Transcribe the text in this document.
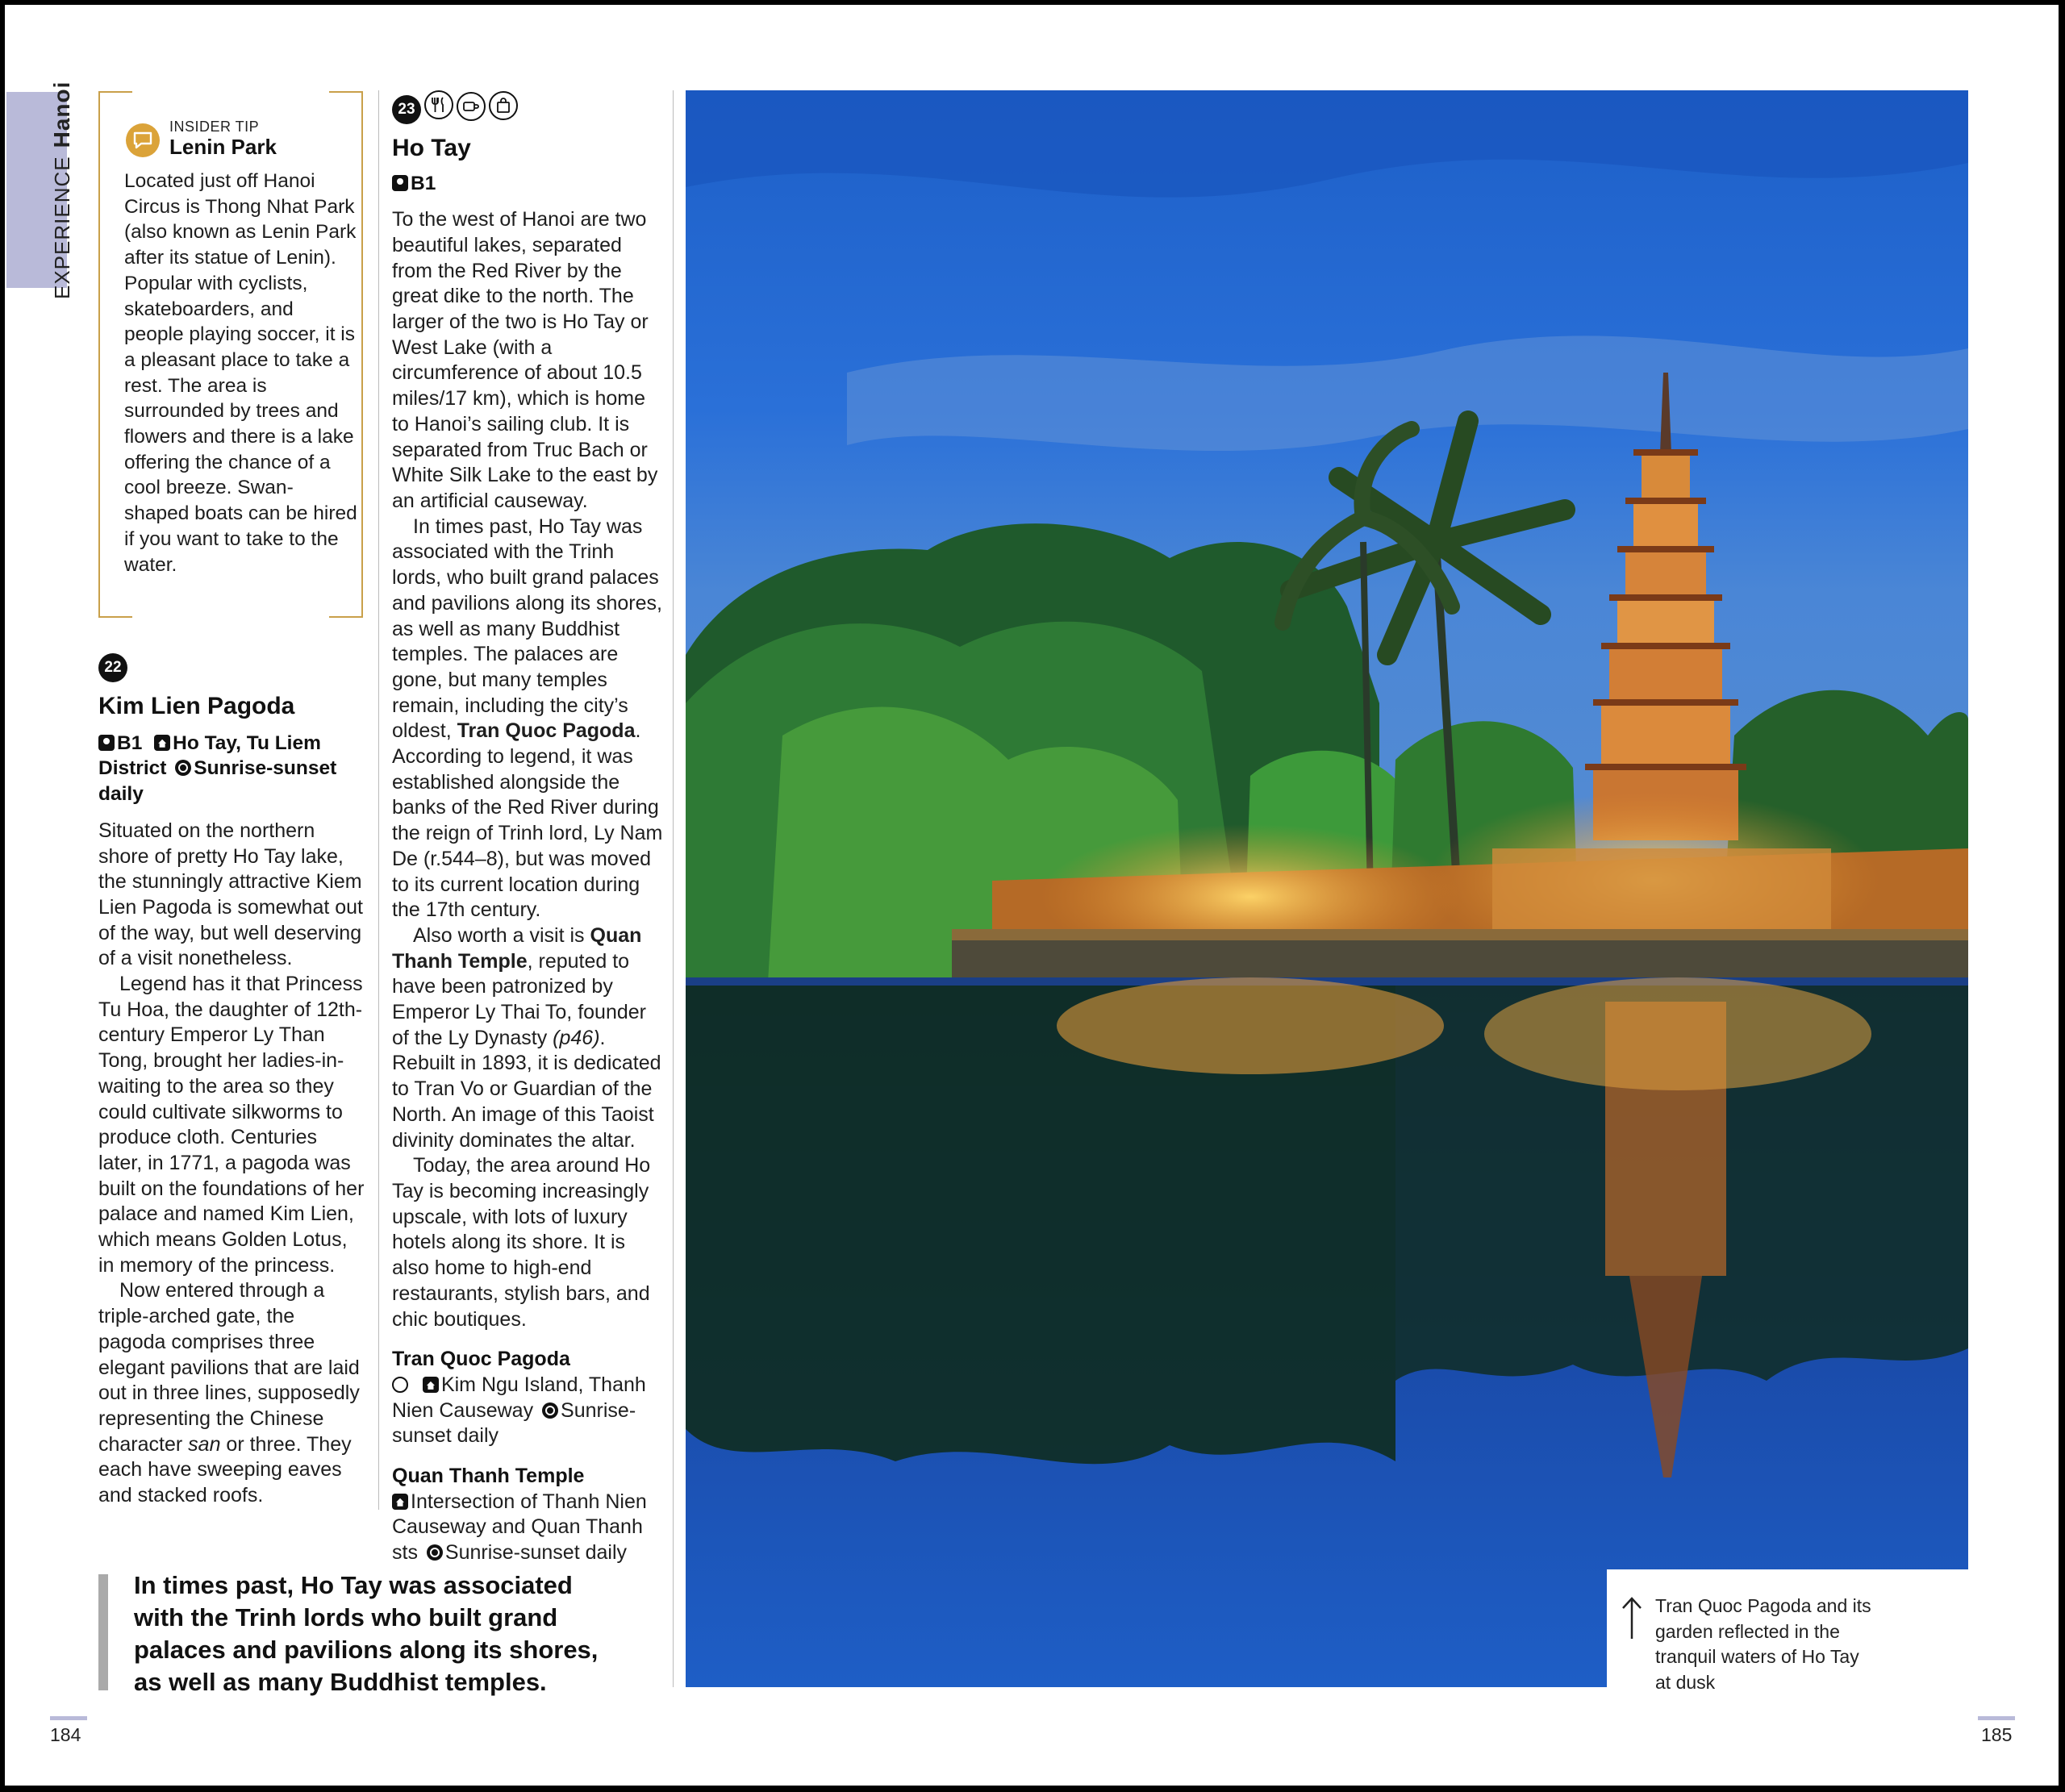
EXPERIENCEHanoi	INSIDER TIP
Lenin Park
Located just off Hanoi Circus is Thong Nhat Park (also known as Lenin Park after its statue of Lenin). Popular with cyclists, skateboarders, and people playing soccer, it is a pleasant place to take a rest. The area is surrounded by trees and flowers and there is a lake offering the chance of a cool breeze. Swan-shaped boats can be hired if you want to take to the water.
22
Kim Lien Pagoda
B1 Ho Tay, Tu Liem District Sunrise-sunset daily

Situated on the northern shore of pretty Ho Tay lake, the stunningly attractive Kiem Lien Pagoda is somewhat out of the way, but well deserving of a visit nonetheless.

Legend has it that Princess Tu Hoa, the daughter of 12th-century Emperor Ly Than Tong, brought her ladies-in-waiting to the area so they could cultivate silkworms to produce cloth. Centuries later, in 1771, a pagoda was built on the foundations of her palace and named Kim Lien, which means Golden Lotus, in memory of the princess.

Now entered through a triple-arched gate, the pagoda comprises three elegant pavilions that are laid out in three lines, supposedly representing the Chinese character san or three. They each have sweeping eaves and stacked roofs.

23
Ho Tay
B1

To the west of Hanoi are two beautiful lakes, separated from the Red River by the great dike to the north. The larger of the two is Ho Tay or West Lake (with a circumference of about 10.5 miles/17 km), which is home to Hanoi’s sailing club. It is separated from Truc Bach or White Silk Lake to the east by an artificial causeway.

In times past, Ho Tay was associated with the Trinh lords, who built grand palaces and pavilions along its shores, as well as many Buddhist temples. The palaces are gone, but many temples remain, including the city’s oldest, Tran Quoc Pagoda. According to legend, it was established alongside the banks of the Red River during the reign of Trinh lord, Ly Nam De (r.544–8), but was moved to its current location during the 17th century.

Also worth a visit is Quan Thanh Temple, reputed to have been patronized by Emperor Ly Thai To, founder of the Ly Dynasty (p46). Rebuilt in 1893, it is dedicated to Tran Vo or Guardian of the North. An image of this Taoist divinity dominates the altar.

Today, the area around Ho Tay is becoming increasingly upscale, with lots of luxury hotels along its shore. It is also home to high-end restaurants, stylish bars, and chic boutiques.

Tran Quoc Pagoda
Kim Ngu Island, Thanh Nien Causeway Sunrise-sunset daily
Quan Thanh Temple
Intersection of Thanh Nien Causeway and Quan Thanh sts Sunrise-sunset daily
In times past, Ho Tay was associated with the Trinh lords who built grand palaces and pavilions along its shores, as well as many Buddhist temples.
Tran Quoc Pagoda and its garden reflected in the tranquil waters of Ho Tay at dusk
184	185
